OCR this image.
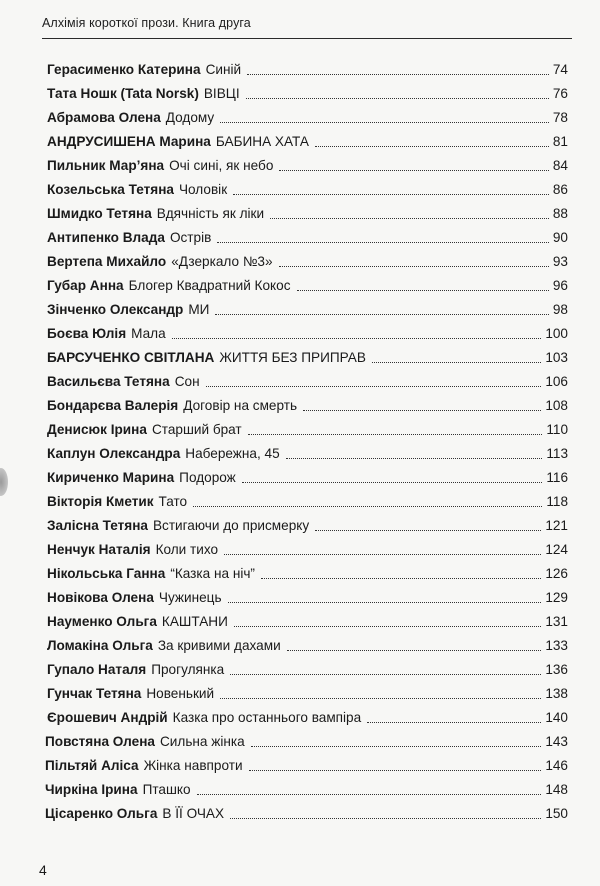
Алхімія короткої прози. Книга друга
Герасименко Катерина Синій	74
Тата Ношк (Tata Norsk) ВІВЦІ	76
Абрамова Олена Додому	78
АНДРУСИШЕНА Марина БАБИНА ХАТА	81
Пильник Мар’яна Очі сині, як небо	84
Козельська Тетяна Чоловік	86
Шмидко Тетяна Вдячність як ліки	88
Антипенко Влада Острів	90
Вертепа Михайло «Дзеркало №3»	93
Губар Анна Блогер Квадратний Кокос	96
Зінченко Олександр МИ	98
Боєва Юлія Мала	100
БАРСУЧЕНКО СВІТЛАНА ЖИТТЯ БЕЗ ПРИПРАВ	103
Васильєва Тетяна Сон	106
Бондарєва Валерія Договір на смерть	108
Денисюк Ірина Старший брат	110
Каплун Олександра Набережна, 45	113
Кириченко Марина Подорож	116
Вікторія Кметик Тато	118
Залісна Тетяна Встигаючи до присмерку	121
Ненчук Наталія Коли тихо	124
Нікольська Ганна “Казка на ніч”	126
Новікова Олена Чужинець	129
Науменко Ольга КАШТАНИ	131
Ломакіна Ольга За кривими дахами	133
Гупало Наталя Прогулянка	136
Гунчак Тетяна Новенький	138
Єрошевич Андрій Казка про останнього вампіра	140
Повстяна Олена Сильна жінка	143
Пільтяй Аліса Жінка навпроти	146
Чиркіна Ірина Пташко	148
Цісаренко Ольга В ЇЇ ОЧАХ	150
4
